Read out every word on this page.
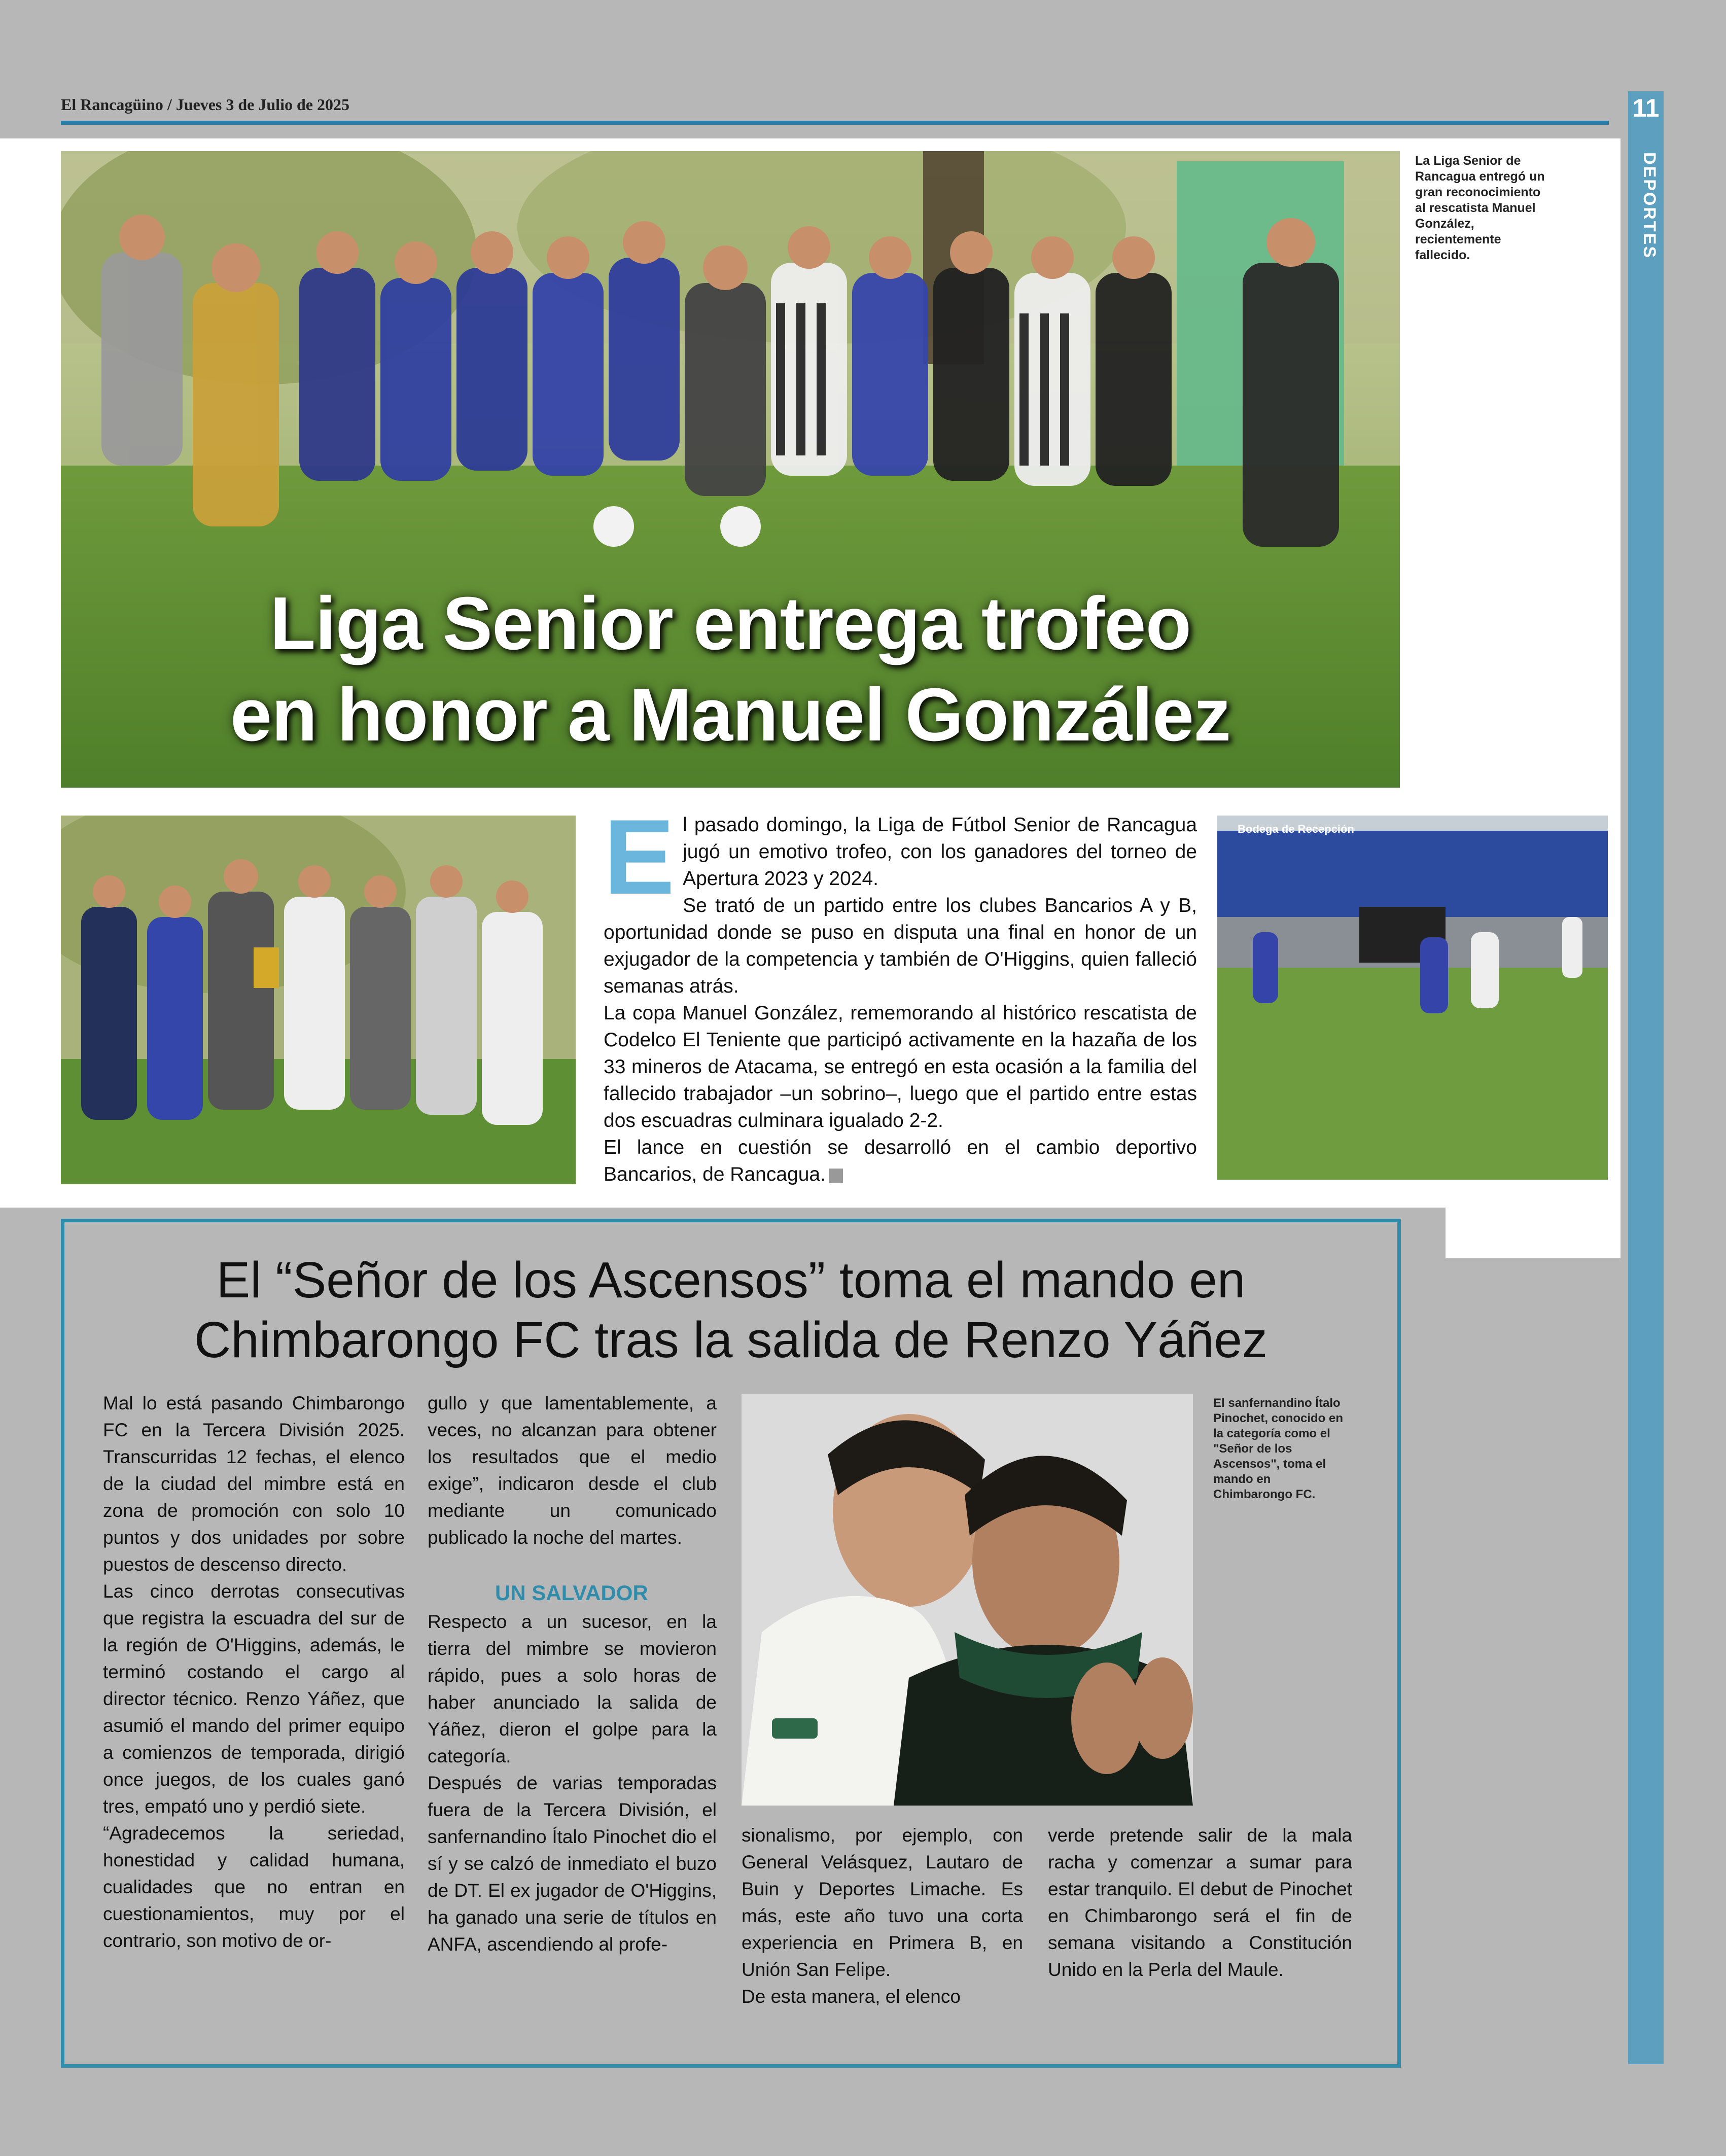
El Rancagüino / Jueves 3 de Julio de 2025	11
DEPORTES
Liga Senior entrega trofeo
en honor a Manuel González
La Liga Senior de Rancagua entregó un gran reconocimiento al rescatista Manuel González, recientemente fallecido.
Bodega de Recepción
E l pasado domingo, la Liga de Fútbol Senior de Rancagua jugó un emotivo trofeo, con los ganadores del torneo de Apertura 2023 y 2024.

Se trató de un partido entre los clubes Bancarios A y B, oportunidad donde se puso en disputa una final en honor de un exjugador de la competencia y también de O'Higgins, quien falleció semanas atrás.

La copa Manuel González, rememorando al histórico rescatista de Codelco El Teniente que participó activamente en la hazaña de los 33 mineros de Atacama, se entregó en esta ocasión a la familia del fallecido trabajador –un sobrino–, luego que el partido entre estas dos escuadras culminara igualado 2-2.

El lance en cuestión se desarrolló en el cambio deportivo Bancarios, de Rancagua.

El “Señor de los Ascensos” toma el mando en
Chimbarongo FC tras la salida de Renzo Yáñez

Mal lo está pasando Chimbarongo FC en la Tercera División 2025. Transcurridas 12 fechas, el elenco de la ciudad del mimbre está en zona de promoción con solo 10 puntos y dos unidades por sobre puestos de descenso directo.

Las cinco derrotas consecutivas que registra la escuadra del sur de la región de O'Higgins, además, le terminó costando el cargo al director técnico. Renzo Yáñez, que asumió el mando del primer equipo a comienzos de temporada, dirigió once juegos, de los cuales ganó tres, empató uno y perdió siete.

“Agradecemos la seriedad, honestidad y calidad humana, cualidades que no entran en cuestionamientos, muy por el contrario, son motivo de or-

gullo y que lamentablemente, a veces, no alcanzan para obtener los resultados que el medio exige”, indicaron desde el club mediante un comunicado publicado la noche del martes.

UN SALVADOR

Respecto a un sucesor, en la tierra del mimbre se movieron rápido, pues a solo horas de haber anunciado la salida de Yáñez, dieron el golpe para la categoría.

Después de varias temporadas fuera de la Tercera División, el sanfernandino Ítalo Pinochet dio el sí y se calzó de inmediato el buzo de DT. El ex jugador de O'Higgins, ha ganado una serie de títulos en ANFA, ascendiendo al profe-

El sanfernandino Ítalo Pinochet, conocido en la categoría como el "Señor de los Ascensos", toma el mando en Chimbarongo FC.

sionalismo, por ejemplo, con General Velásquez, Lautaro de Buin y Deportes Limache. Es más, este año tuvo una corta experiencia en Primera B, en Unión San Felipe.

De esta manera, el elenco

verde pretende salir de la mala racha y comenzar a sumar para estar tranquilo. El debut de Pinochet en Chimbarongo será el fin de semana visitando a Constitución Unido en la Perla del Maule.
